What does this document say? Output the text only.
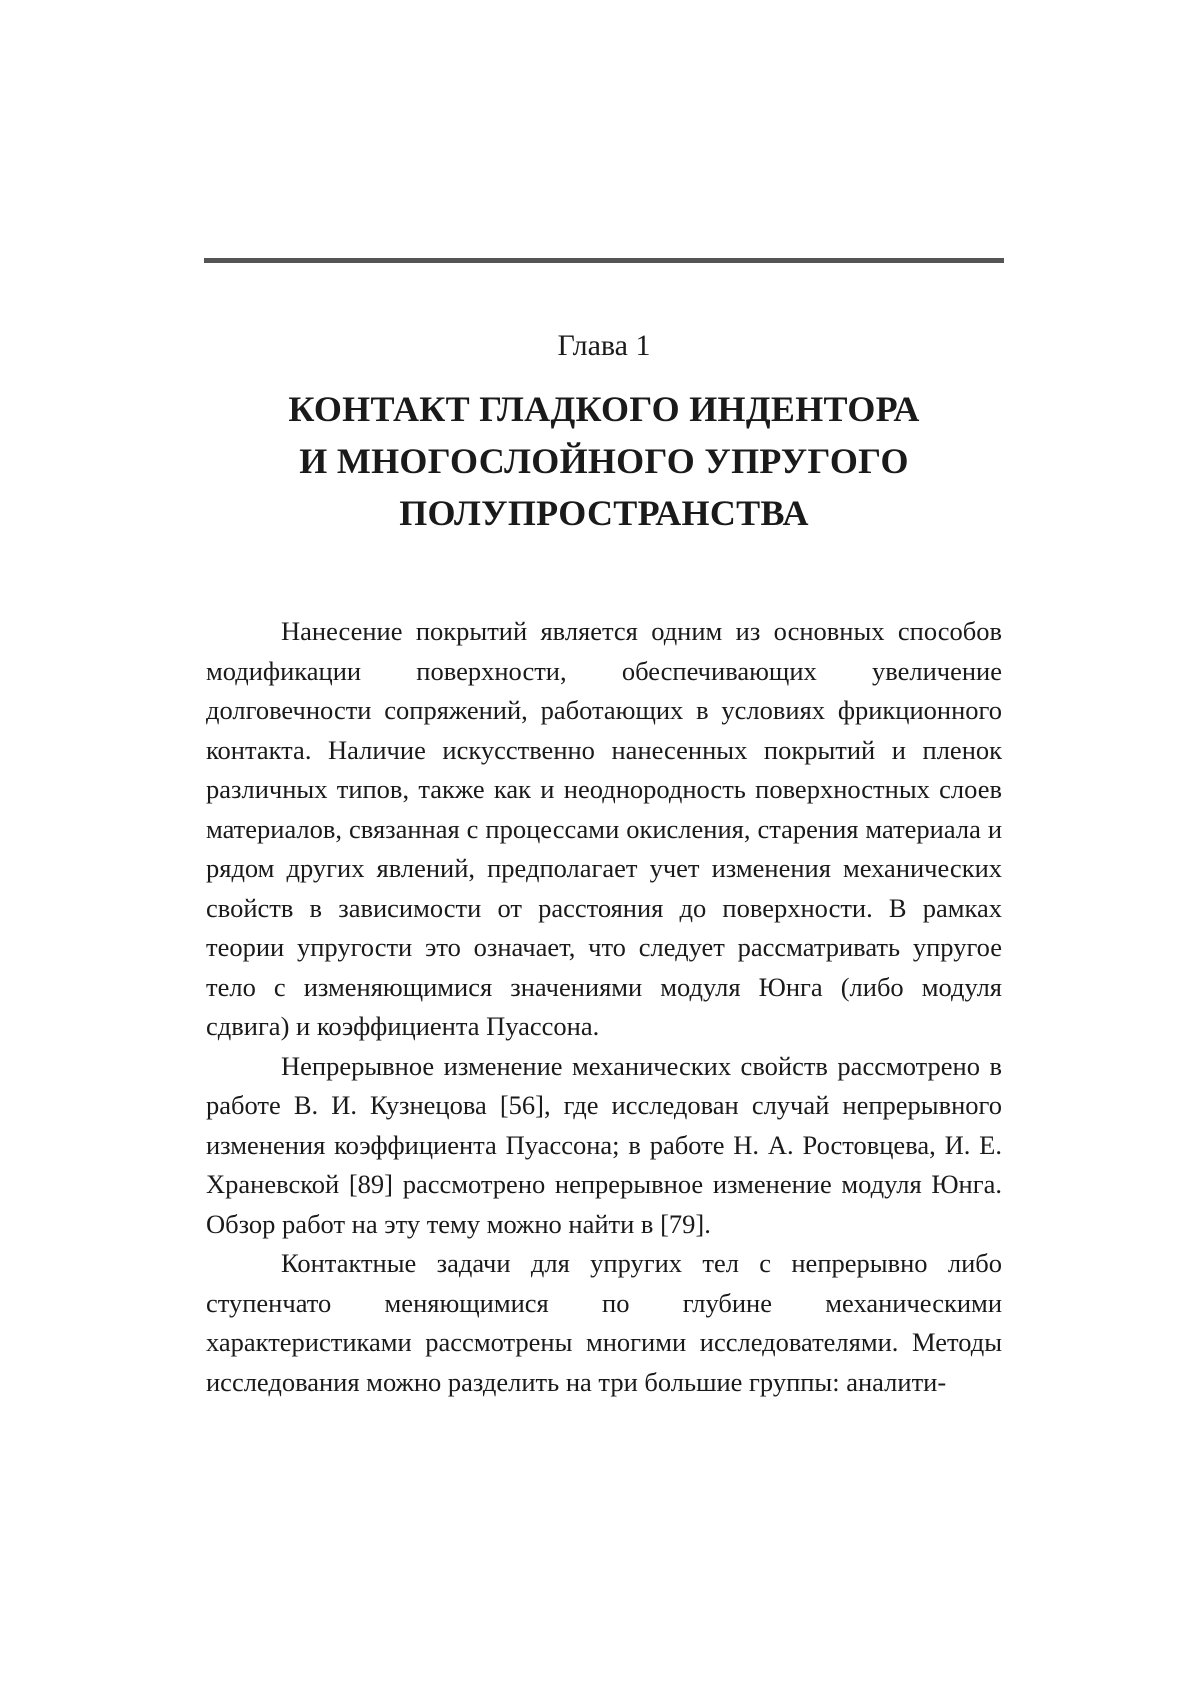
Глава 1
КОНТАКТ ГЛАДКОГО ИНДЕНТОРА
И МНОГОСЛОЙНОГО УПРУГОГО
ПОЛУПРОСТРАНСТВА

Нанесение покрытий является одним из основных способов модификации поверхности, обеспечивающих увеличение долговечности сопряжений, работающих в условиях фрикционного контакта. Наличие искусственно нанесенных покрытий и пленок различных типов, также как и неоднородность поверхностных слоев материалов, связанная с процессами окисления, старения материала и рядом других явлений, предполагает учет изменения механических свойств в зависимости от расстояния до поверхности. В рамках теории упругости это означает, что следует рассматривать упругое тело с изменяющимися значениями модуля Юнга (либо модуля сдвига) и коэффициента Пуассона.

Непрерывное изменение механических свойств рассмотрено в работе В. И. Кузнецова [56], где исследован случай непрерывного изменения коэффициента Пуассона; в работе Н. А. Ростовцева, И. Е. Храневской [89] рассмотрено непрерывное изменение модуля Юнга. Обзор работ на эту тему можно найти в [79].

Контактные задачи для упругих тел с непрерывно либо ступенчато меняющимися по глубине механическими характеристиками рассмотрены многими исследователями. Методы исследования можно разделить на три большие группы: аналити-
